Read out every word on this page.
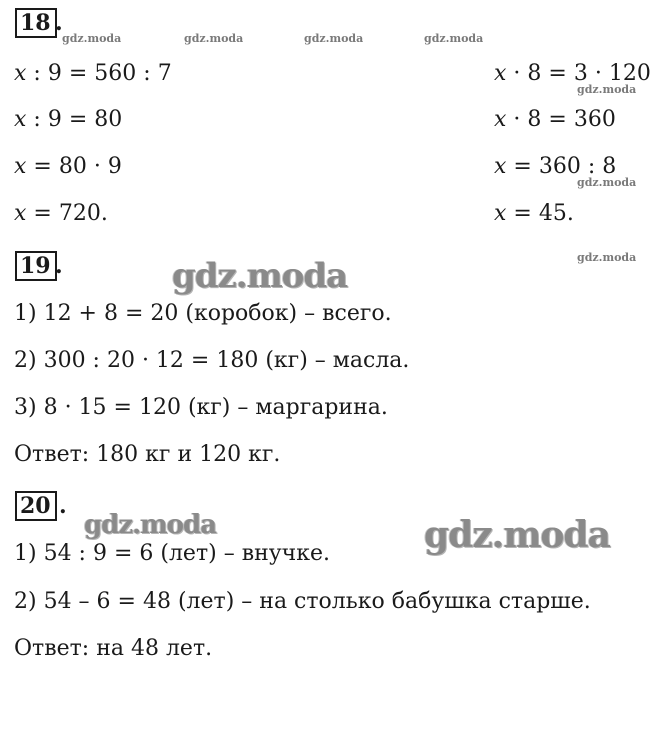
18 .
gdz.moda	gdz.moda	gdz.moda	gdz.moda
x : 9 = 560 : 7
x : 9 = 80
x = 80 · 9
x = 720.
x · 8 = 3 · 120
gdz.moda
x · 8 = 360
x = 360 : 8
gdz.moda
x = 45.
19 .	gdz.moda
gdz.moda
1) 12 + 8 = 20 (коробок) – всего.
2) 300 : 20 · 12 = 180 (кг) – масла.
3) 8 · 15 = 120 (кг) – маргарина.
Ответ: 180 кг и 120 кг.
20 .
gdz.moda	gdz.moda
1) 54 : 9 = 6 (лет) – внучке.
2) 54 – 6 = 48 (лет) – на столько бабушка старше.
Ответ: на 48 лет.
